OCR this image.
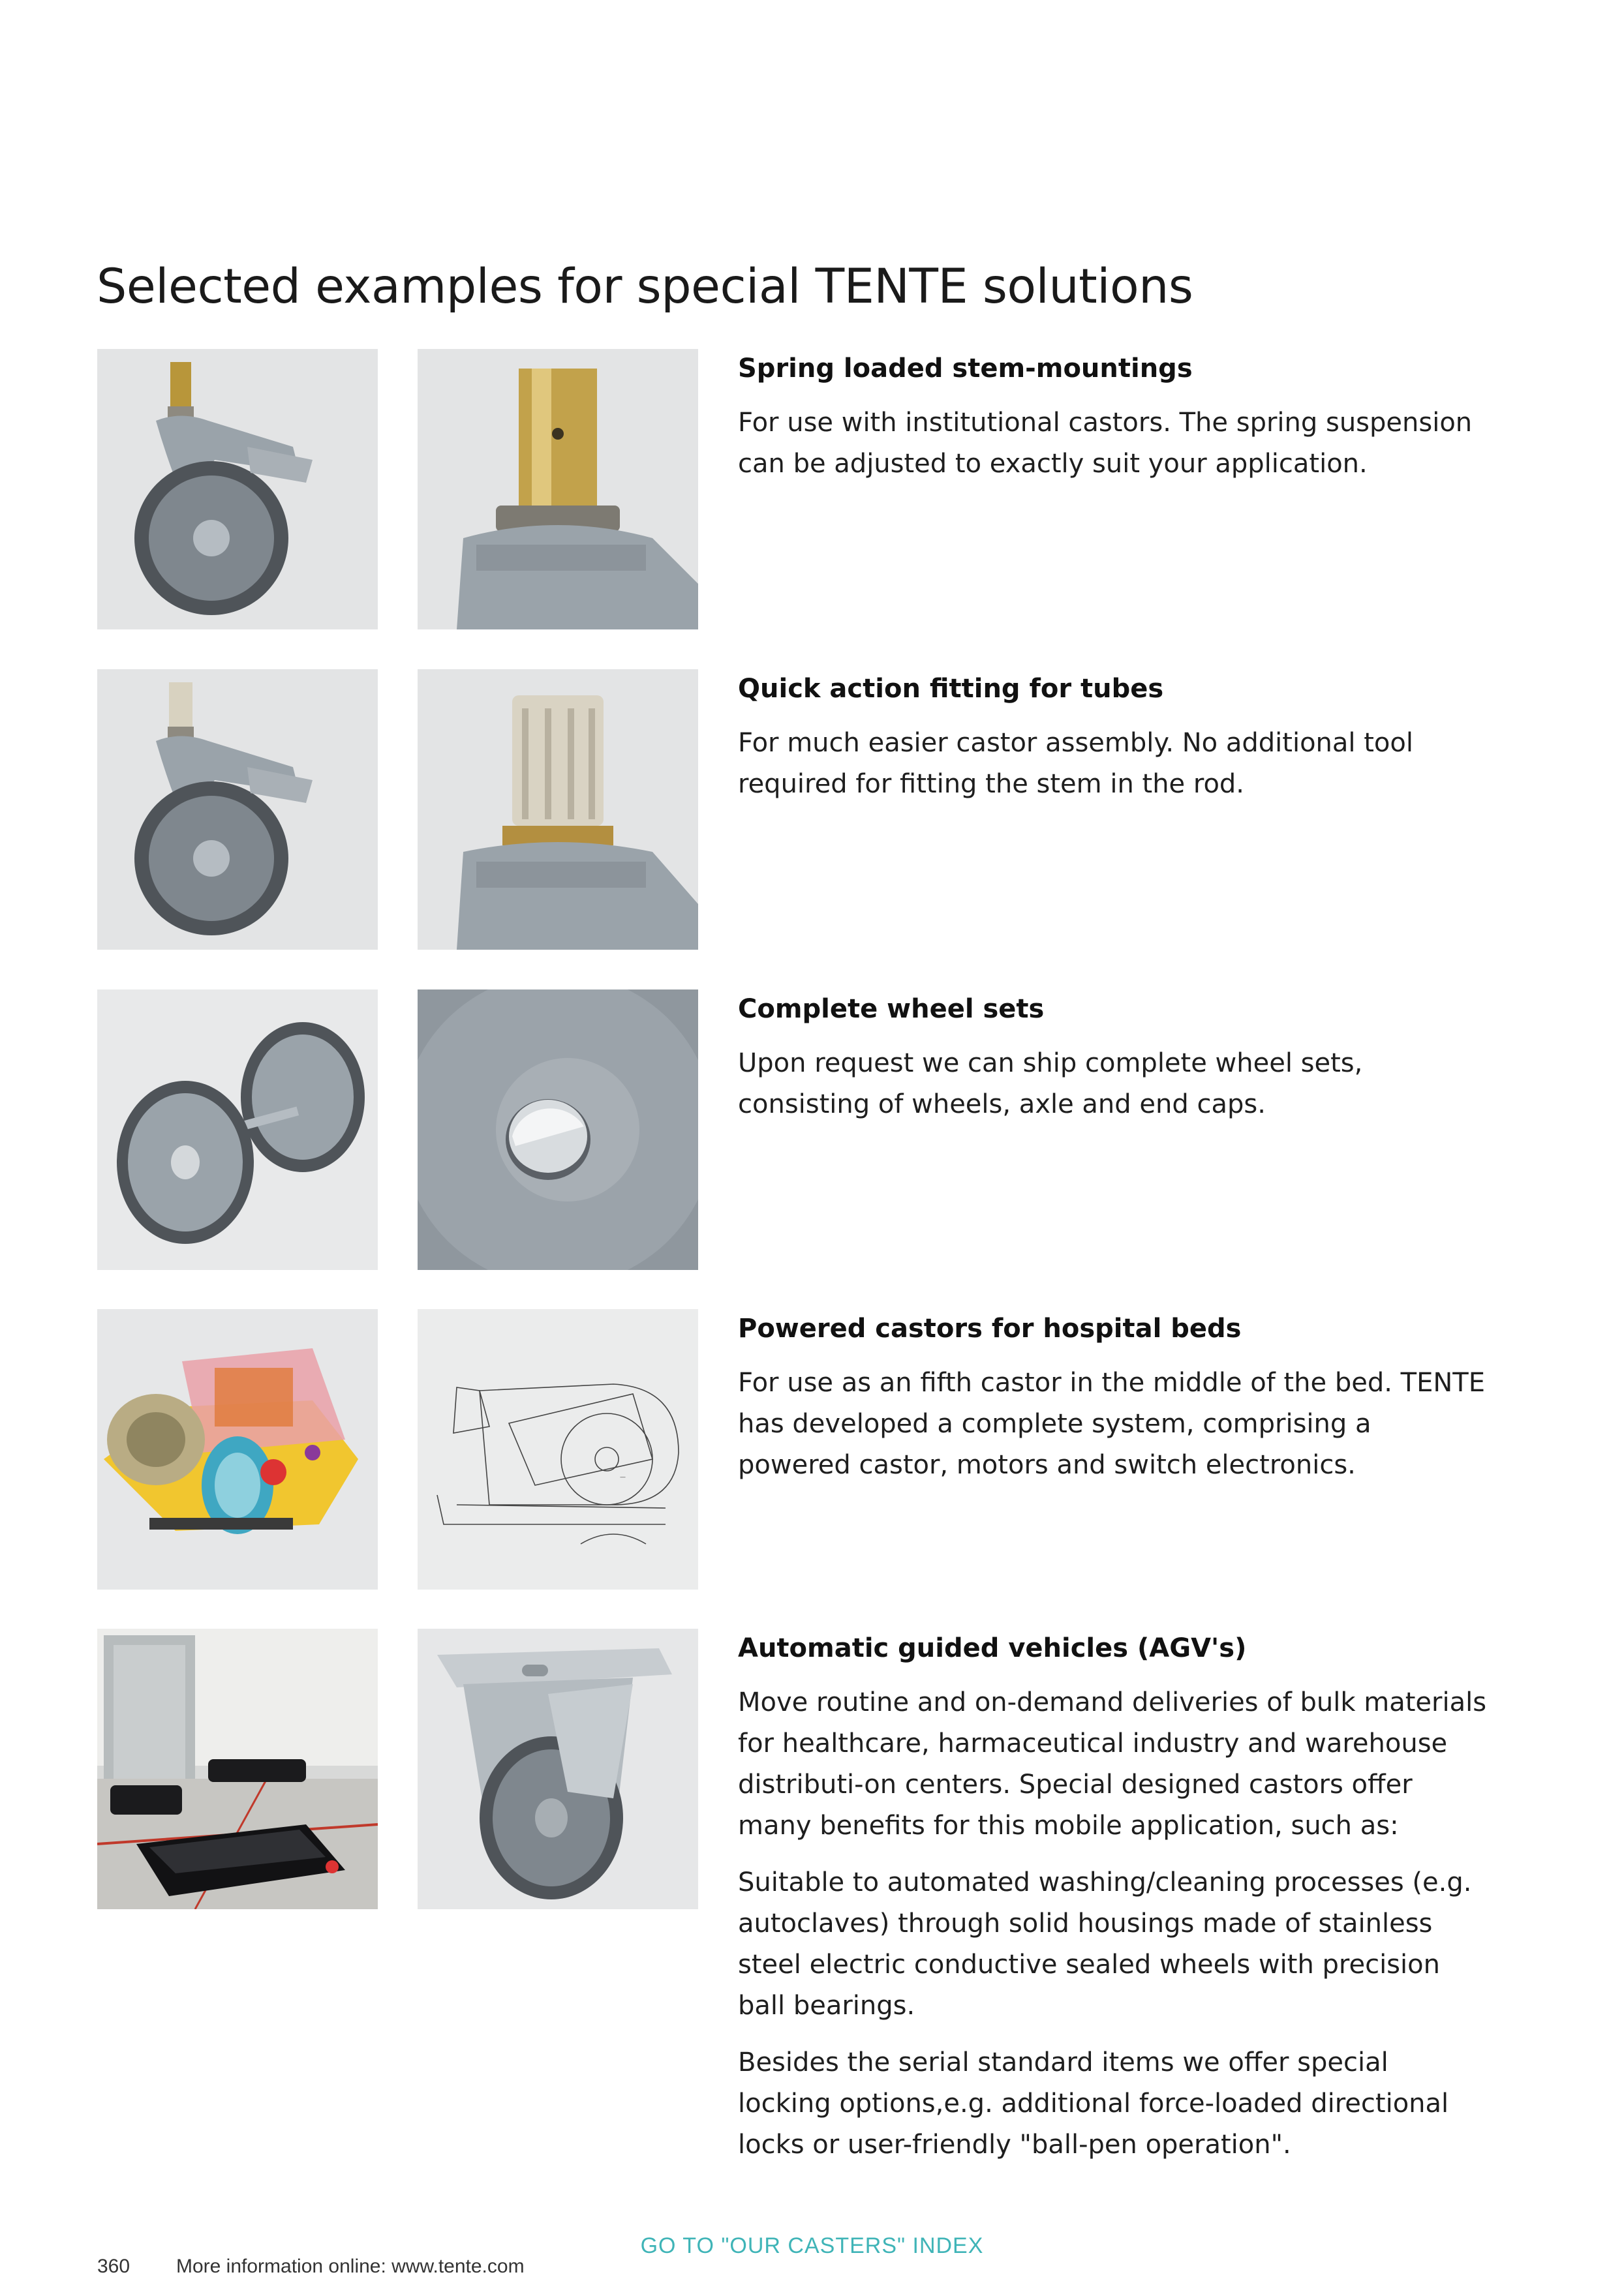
Selected examples for special TENTE solutions
Spring loaded stem-mountings

For use with institutional castors. The spring suspension can be adjusted to exactly suit your application.

Quick action fitting for tubes

For much easier castor assembly. No additional tool required for fitting the stem in the rod.

Complete wheel sets

Upon request we can ship complete wheel sets, consisting of wheels, axle and end caps.

—
Powered castors for hospital beds

For use as an fifth castor in the middle of the bed. TENTE has developed a complete system, comprising a powered castor, motors and switch electronics.

Automatic guided vehicles (AGV's)

Move routine and on-demand deliveries of bulk materials for healthcare, harmaceutical industry and warehouse distributi-on centers. Special designed castors offer many benefits for this mobile application, such as:

Suitable to automated washing/cleaning processes (e.g. autoclaves) through solid housings made of stainless steel electric conductive sealed wheels with precision ball bearings.

Besides the serial standard items we offer special locking options,e.g. additional force-loaded directional locks or user-friendly "ball-pen operation".

GO TO "OUR CASTERS" INDEX
360 More information online: www.tente.com
